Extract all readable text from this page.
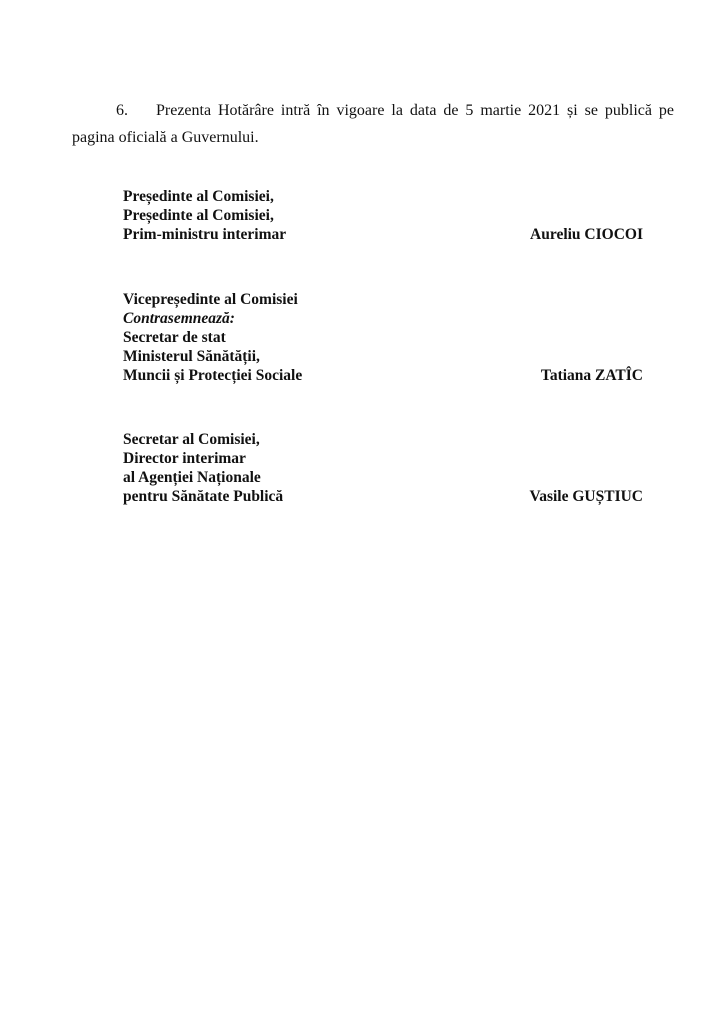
6. Prezenta Hotărâre intră în vigoare la data de 5 martie 2021 și se publică pe pagina oficială a Guvernului.

Președinte al Comisiei,
Președinte al Comisiei,
Prim-ministru interimar	Aureliu CIOCOI
Vicepreședinte al Comisiei
Contrasemnează:
Secretar de stat
Ministerul Sănătății,
Muncii și Protecției Sociale	Tatiana ZATÎC
Secretar al Comisiei,
Director interimar
al Agenției Naționale
pentru Sănătate Publică	Vasile GUȘTIUC
